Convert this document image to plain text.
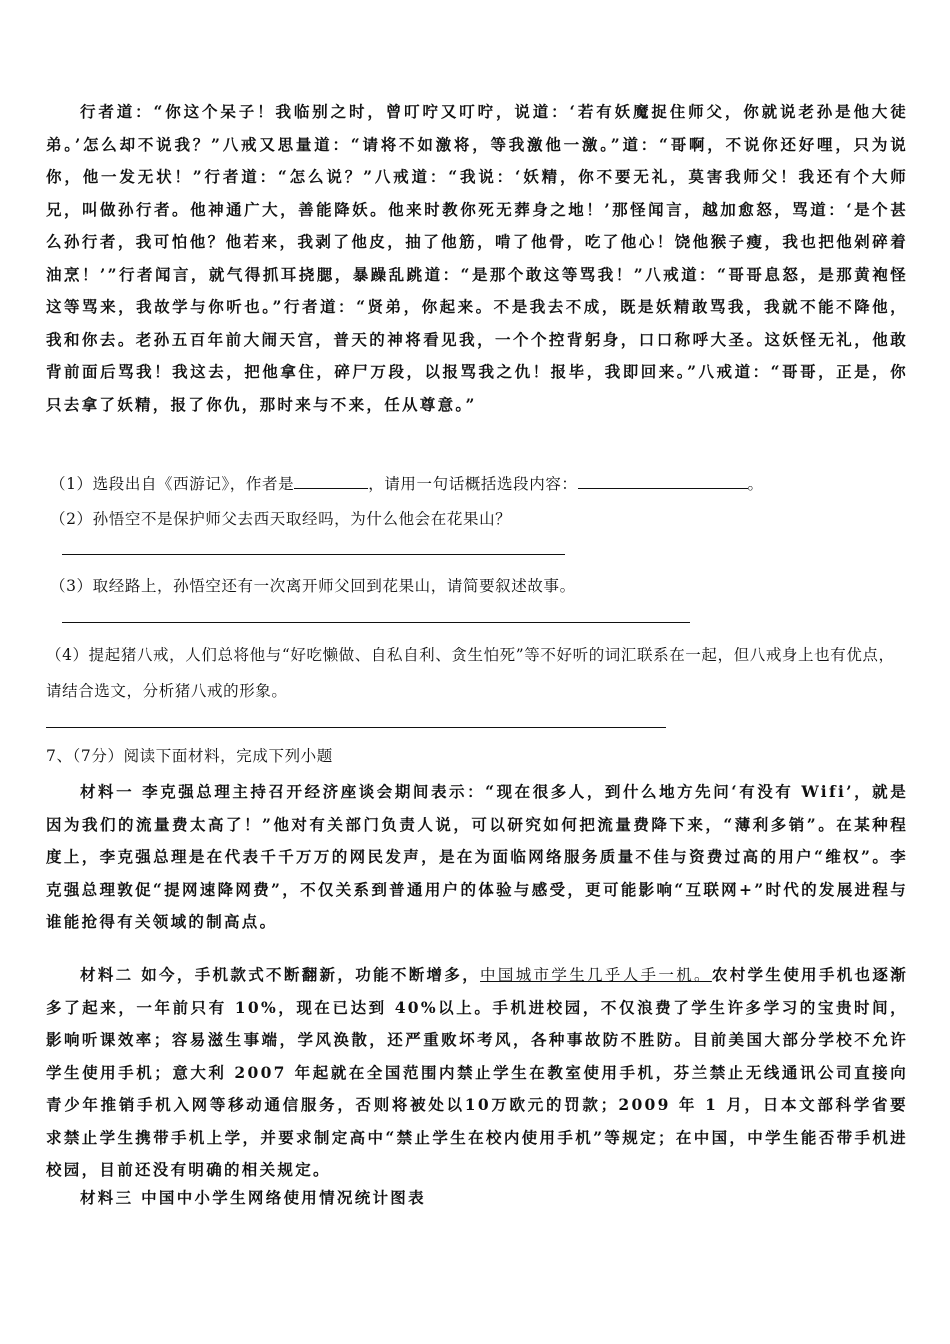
行者道：“你这个呆子！我临别之时，曾叮咛又叮咛，说道：‘若有妖魔捉住师父，你就说老孙是他大徒弟。’怎么却不说我？”八戒又思量道：“请将不如激将，等我激他一激。”道：“哥啊，不说你还好哩，只为说你，他一发无状！”行者道：“怎么说？”八戒道：“我说：‘妖精，你不要无礼，莫害我师父！我还有个大师兄，叫做孙行者。他神通广大，善能降妖。他来时教你死无葬身之地！’那怪闻言，越加愈怒，骂道：‘是个甚么孙行者，我可怕他？他若来，我剥了他皮，抽了他筋，啃了他骨，吃了他心！饶他猴子瘦，我也把他剁碎着油烹！’”行者闻言，就气得抓耳挠腮，暴躁乱跳道：“是那个敢这等骂我！”八戒道：“哥哥息怒，是那黄袍怪这等骂来，我故学与你听也。”行者道：“贤弟，你起来。不是我去不成，既是妖精敢骂我，我就不能不降他，我和你去。老孙五百年前大闹天宫，普天的神将看见我，一个个控背躬身，口口称呼大圣。这妖怪无礼，他敢背前面后骂我！我这去，把他拿住，碎尸万段，以报骂我之仇！报毕，我即回来。”八戒道：“哥哥，正是，你只去拿了妖精，报了你仇，那时来与不来，任从尊意。”
（1）选段出自《西游记》，作者是	，请用一句话概括选段内容：	。
（2）孙悟空不是保护师父去西天取经吗，为什么他会在花果山？
（3）取经路上，孙悟空还有一次离开师父回到花果山，请简要叙述故事。
（4）提起猪八戒，人们总将他与“好吃懒做、自私自利、贪生怕死”等不好听的词汇联系在一起，但八戒身上也有优点，请结合选文，分析猪八戒的形象。
7、（7分）阅读下面材料，完成下列小题
材料一 李克强总理主持召开经济座谈会期间表示：“现在很多人，到什么地方先问‘有没有 Wifi’，就是因为我们的流量费太高了！”他对有关部门负责人说，可以研究如何把流量费降下来，“薄利多销”。在某种程度上，李克强总理是在代表千千万万的网民发声，是在为面临网络服务质量不佳与资费过高的用户“维权”。李克强总理敦促“提网速降网费”，不仅关系到普通用户的体验与感受，更可能影响“互联网+”时代的发展进程与谁能抢得有关领域的制高点。
材料二 如今，手机款式不断翻新，功能不断增多，中国城市学生几乎人手一机。农村学生使用手机也逐渐多了起来，一年前只有 10%，现在已达到 40%以上。手机进校园，不仅浪费了学生许多学习的宝贵时间，影响听课效率；容易滋生事端，学风涣散，还严重败坏考风，各种事故防不胜防。目前美国大部分学校不允许学生使用手机；意大利 2007 年起就在全国范围内禁止学生在教室使用手机，芬兰禁止无线通讯公司直接向青少年推销手机入网等移动通信服务，否则将被处以10万欧元的罚款；2009 年 1 月，日本文部科学省要求禁止学生携带手机上学，并要求制定高中“禁止学生在校内使用手机”等规定；在中国，中学生能否带手机进校园，目前还没有明确的相关规定。
材料三 中国中小学生网络使用情况统计图表
